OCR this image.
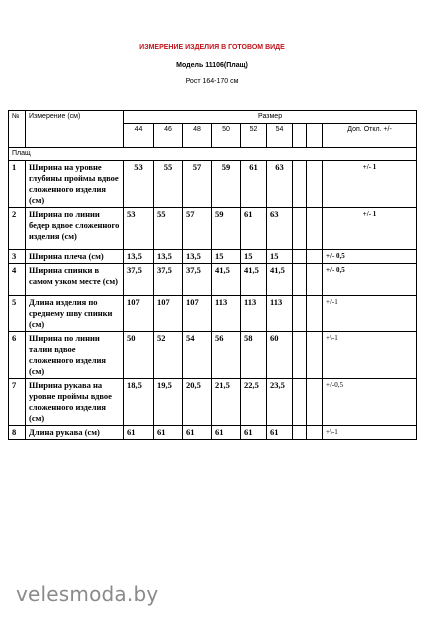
ИЗМЕРЕНИЕ ИЗДЕЛИЯ В ГОТОВОМ ВИДЕ
Модель 11106(Плащ)
Рост 164-170 см
№	Измерение (см)	Размер								
		44	46	48	50	52	54			Доп. Откл. +/-
Плащ										
1	Ширина на уровне глубины проймы вдвое сложенного изделия (см)	53	55	57	59	61	63			+/- 1
2	Ширина по линии бедер вдвое сложенного изделия (см)	53	55	57	59	61	63			+/- 1
3	Ширина плеча (см)	13,5	13,5	13,5	15	15	15			+/- 0,5
4	Ширина спинки в самом узком месте (см)	37,5	37,5	37,5	41,5	41,5	41,5			+/- 0,5
5	Длина изделия по среднему шву спинки (см)	107	107	107	113	113	113			+/-1
6	Ширина по линии талии вдвое сложенного изделия (см)	50	52	54	56	58	60			+\-1
7	Ширина рукава на уровне проймы вдвое сложенного изделия (см)	18,5	19,5	20,5	21,5	22,5	23,5			+/-0,5
8	Длина рукава (см)	61	61	61	61	61	61			+\-1
velesmoda.by
